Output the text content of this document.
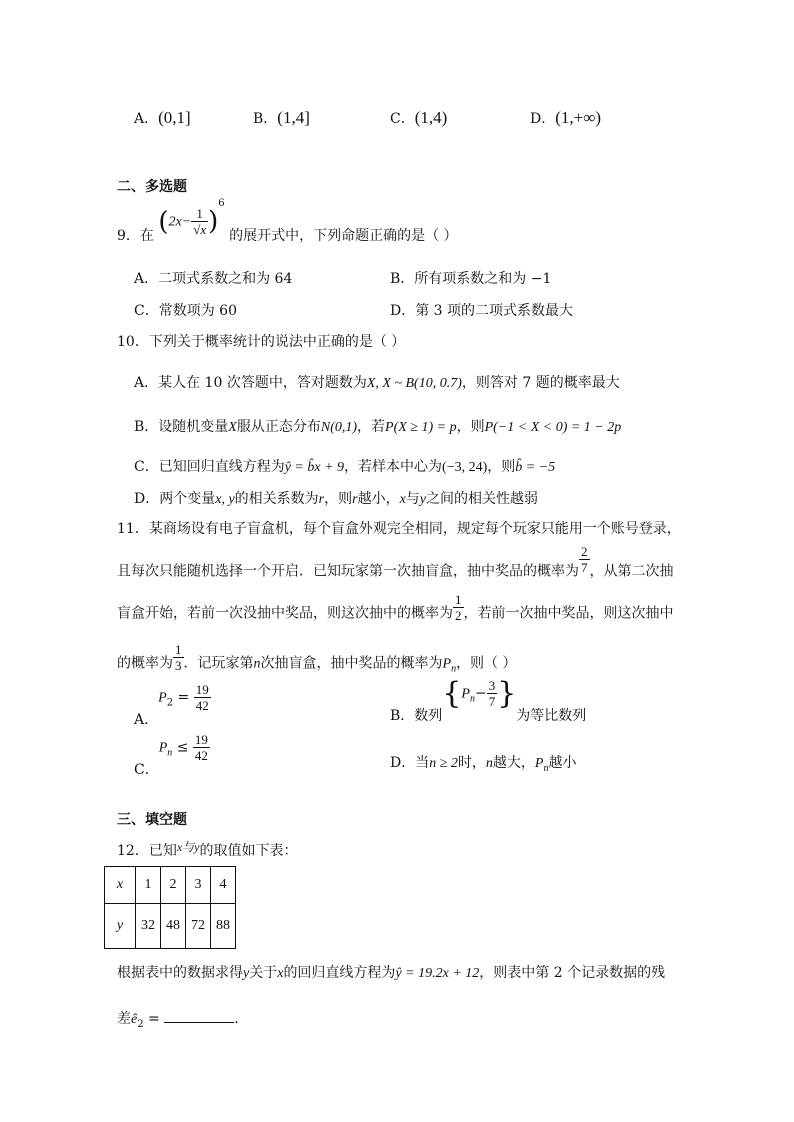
A．(0,1]	B．(1,4]	C．(1,4)	D．(1,+∞)
二、多选题
9．在 $(2x- \frac{1}{√x} )^6$ 的展开式中，下列命题正确的是（ ）
A．二项式系数之和为 64	B．所有项系数之和为 −1
C．常数项为 60	D．第 3 项的二项式系数最大
10．下列关于概率统计的说法中正确的是（ ）
A．某人在 10 次答题中，答对题数为X, X ~ B(10, 0.7)，则答对 7 题的概率最大
B．设随机变量X服从正态分布N(0,1)，若P(X ≥ 1) = p，则P(−1 < X < 0) = 1 − 2p
C．已知回归直线方程为ŷ = b̂x + 9，若样本中心为(−3, 24)，则b̂ = −5
D．两个变量x, y的相关系数为r，则r越小，x与y之间的相关性越弱
11．某商场设有电子盲盒机，每个盲盒外观完全相同，规定每个玩家只能用一个账号登录，
且每次只能随机选择一个开启．已知玩家第一次抽盲盒，抽中奖品的概率为 $\frac{2}{7}$ ，从第二次抽
盲盒开始，若前一次没抽中奖品，则这次抽中的概率为 $\frac{1}{2}$ ，若前一次抽中奖品，则这次抽中
的概率为 $\frac{1}{3}$ ．记玩家第n次抽盲盒，抽中奖品的概率为$P_n$，则（ ）
A．$P_2 = \frac{19}{42}$
B．数列{$P_n- \frac{3}{7}$ }为等比数列
C．$P_n \le \frac{19}{42}$	D．当n ≥ 2时，n越大，$P_n$越小
三、填空题
12．已知x与y的取值如下表：
x	1	2	3	4
y	32	48	72	88
根据表中的数据求得y关于x的回归直线方程为ŷ = 19.2x + 12，则表中第 2 个记录数据的残
差$ê_2$ =	.
